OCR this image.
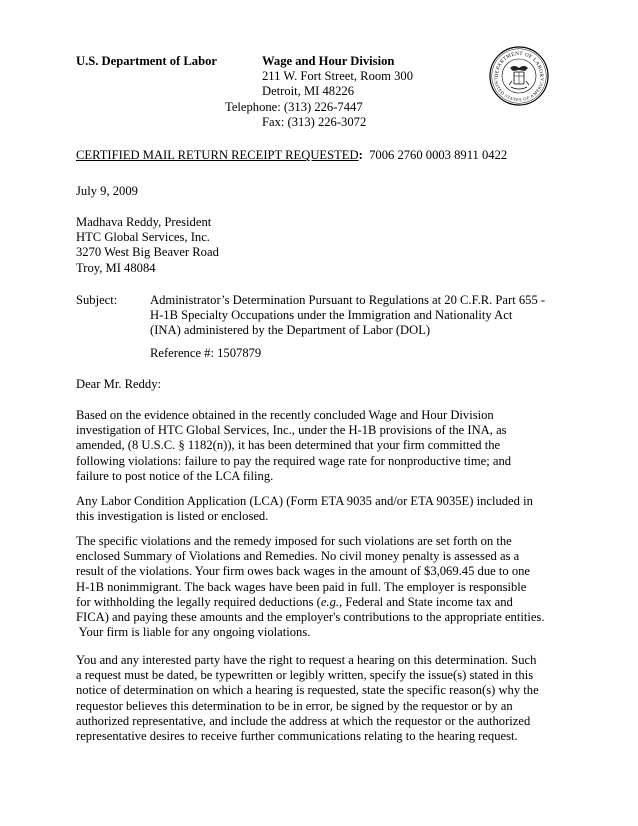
U.S. Department of Labor	Wage and Hour Division
211 W. Fort Street, Room 300
Detroit, MI 48226
Telephone: (313) 226-7447
Fax: (313) 226-3072
DEPARTMENT OF LABOR
UNITED STATES OF AMERICA
CERTIFIED MAIL RETURN RECEIPT REQUESTED: 7006 2760 0003 8911 0422
July 9, 2009
Madhava Reddy, President
HTC Global Services, Inc.
3270 West Big Beaver Road
Troy, MI 48084
Subject:	Administrator’s Determination Pursuant to Regulations at 20 C.F.R. Part 655 -
H-1B Specialty Occupations under the Immigration and Nationality Act
(INA) administered by the Department of Labor (DOL)
Reference #: 1507879
Dear Mr. Reddy:
Based on the evidence obtained in the recently concluded Wage and Hour Division
investigation of HTC Global Services, Inc., under the H-1B provisions of the INA, as
amended, (8 U.S.C. § 1182(n)), it has been determined that your firm committed the
following violations: failure to pay the required wage rate for nonproductive time; and
failure to post notice of the LCA filing.
Any Labor Condition Application (LCA) (Form ETA 9035 and/or ETA 9035E) included in
this investigation is listed or enclosed.
The specific violations and the remedy imposed for such violations are set forth on the
enclosed Summary of Violations and Remedies. No civil money penalty is assessed as a
result of the violations. Your firm owes back wages in the amount of $3,069.45 due to one
H-1B nonimmigrant. The back wages have been paid in full. The employer is responsible
for withholding the legally required deductions (e.g., Federal and State income tax and
FICA) and paying these amounts and the employer's contributions to the appropriate entities.
Your firm is liable for any ongoing violations.
You and any interested party have the right to request a hearing on this determination. Such
a request must be dated, be typewritten or legibly written, specify the issue(s) stated in this
notice of determination on which a hearing is requested, state the specific reason(s) why the
requestor believes this determination to be in error, be signed by the requestor or by an
authorized representative, and include the address at which the requestor or the authorized
representative desires to receive further communications relating to the hearing request.
